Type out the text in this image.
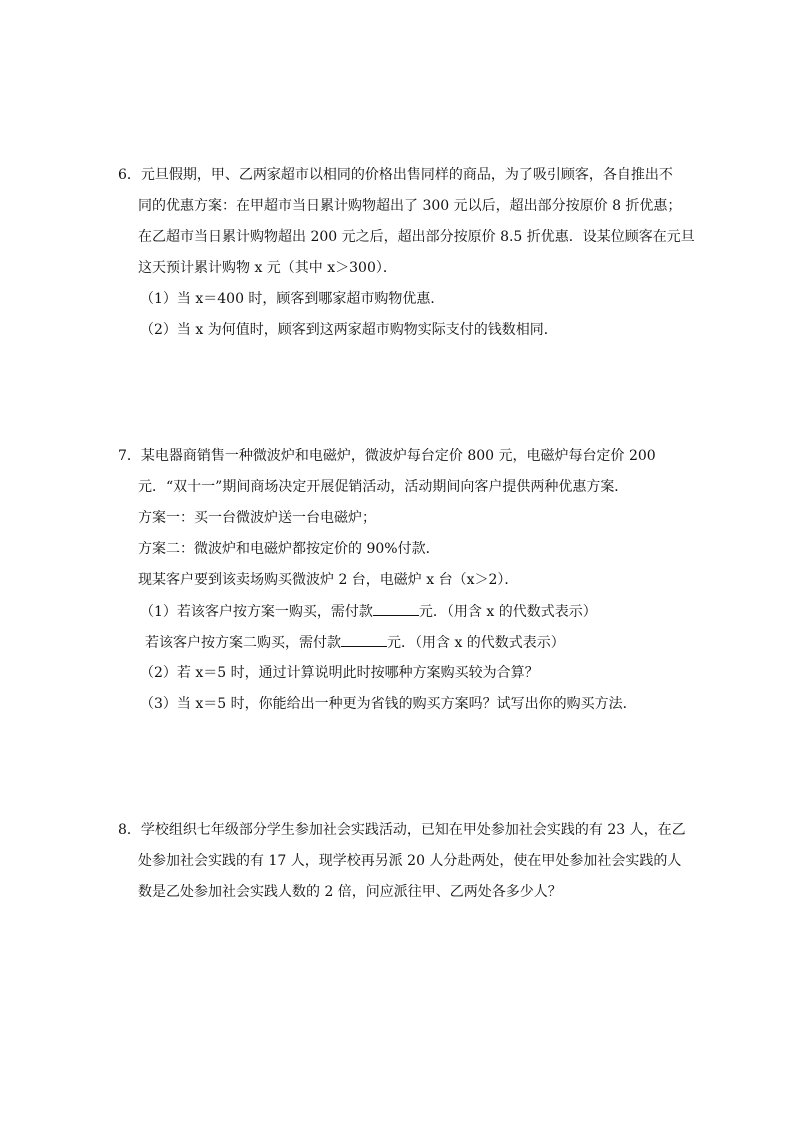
6．元旦假期，甲、乙两家超市以相同的价格出售同样的商品，为了吸引顾客，各自推出不
同的优惠方案：在甲超市当日累计购物超出了 300 元以后，超出部分按原价 8 折优惠；
在乙超市当日累计购物超出 200 元之后，超出部分按原价 8.5 折优惠．设某位顾客在元旦
这天预计累计购物 x 元（其中 x＞300）．
（1）当 x＝400 时，顾客到哪家超市购物优惠．
（2）当 x 为何值时，顾客到这两家超市购物实际支付的钱数相同．
7．某电器商销售一种微波炉和电磁炉，微波炉每台定价 800 元，电磁炉每台定价 200
元．“双十一”期间商场决定开展促销活动，活动期间向客户提供两种优惠方案．
方案一：买一台微波炉送一台电磁炉；
方案二：微波炉和电磁炉都按定价的 90%付款．
现某客户要到该卖场购买微波炉 2 台，电磁炉 x 台（x＞2）．
（1）若该客户按方案一购买，需付款	元．（用含 x 的代数式表示）
若该客户按方案二购买，需付款	元．（用含 x 的代数式表示）
（2）若 x＝5 时，通过计算说明此时按哪种方案购买较为合算？
（3）当 x＝5 时，你能给出一种更为省钱的购买方案吗？试写出你的购买方法．
8．学校组织七年级部分学生参加社会实践活动，已知在甲处参加社会实践的有 23 人，在乙
处参加社会实践的有 17 人，现学校再另派 20 人分赴两处，使在甲处参加社会实践的人
数是乙处参加社会实践人数的 2 倍，问应派往甲、乙两处各多少人？
